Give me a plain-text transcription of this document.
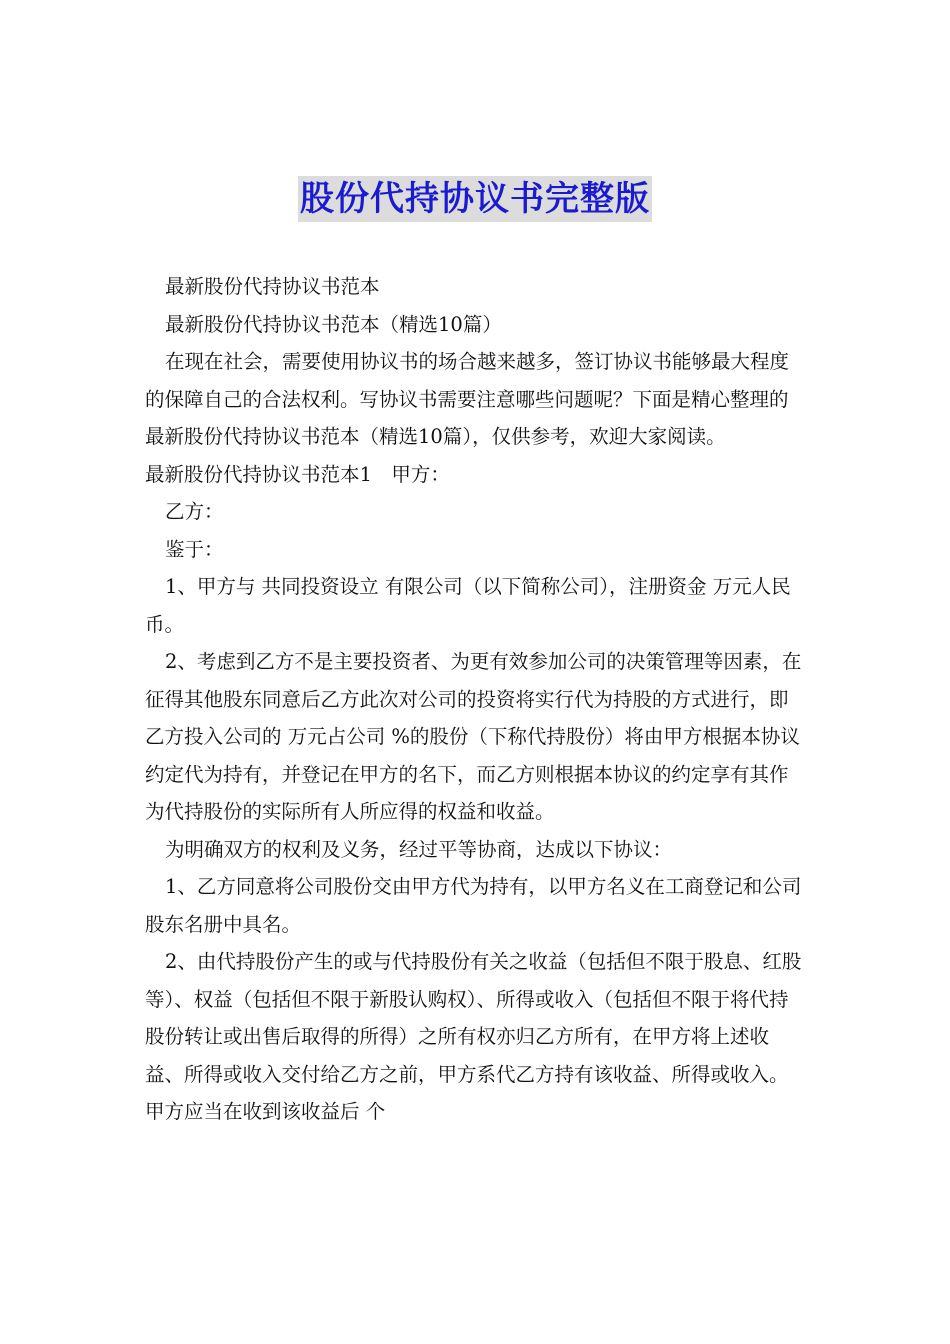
股份代持协议书完整版

最新股份代持协议书范本

最新股份代持协议书范本（精选10篇）

在现在社会，需要使用协议书的场合越来越多，签订协议书能够最大程度的保障自己的合法权利。写协议书需要注意哪些问题呢？下面是精心整理的最新股份代持协议书范本（精选10篇），仅供参考，欢迎大家阅读。

最新股份代持协议书范本1　甲方：

乙方：

鉴于：

1、甲方与 共同投资设立 有限公司（以下简称公司），注册资金 万元人民币。

2、考虑到乙方不是主要投资者、为更有效参加公司的决策管理等因素，在征得其他股东同意后乙方此次对公司的投资将实行代为持股的方式进行，即乙方投入公司的 万元占公司 %的股份（下称代持股份）将由甲方根据本协议约定代为持有，并登记在甲方的名下，而乙方则根据本协议的约定享有其作为代持股份的实际所有人所应得的权益和收益。

为明确双方的权利及义务，经过平等协商，达成以下协议：

1、乙方同意将公司股份交由甲方代为持有，以甲方名义在工商登记和公司股东名册中具名。

2、由代持股份产生的或与代持股份有关之收益（包括但不限于股息、红股等）、权益（包括但不限于新股认购权）、所得或收入（包括但不限于将代持股份转让或出售后取得的所得）之所有权亦归乙方所有，在甲方将上述收益、所得或收入交付给乙方之前，甲方系代乙方持有该收益、所得或收入。甲方应当在收到该收益后 个
